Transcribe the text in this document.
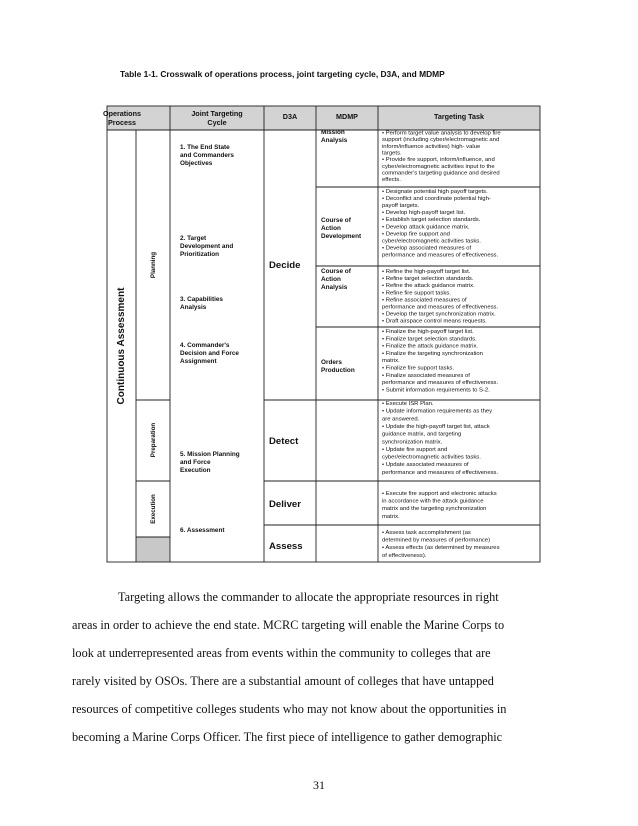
Table 1-1. Crosswalk of operations process, joint targeting cycle, D3A, and MDMP
Operations
Process
Joint Targeting
Cycle
D3A	MDMP	Targeting Task
Continuous Assessment
Planning
Preparation
Execution
1. The End State
and Commanders
Objectives
2. Target
Development and
Prioritization
3. Capabilities
Analysis
4. Commander's
Decision and Force
Assignment
5. Mission Planning
and Force
Execution
6. Assessment
Decide
Detect
Deliver
Assess
Mission
Analysis
Course of
Action
Development
Course of
Action
Analysis
Orders
Production
• Perform target value analysis to develop fire support (including cyber/electromagnetic and inform/influence activities) high- value targets. • Provide fire support, inform/influence, and cyber/electromagnetic activities input to the commander's targeting guidance and desired effects.
• Designate potential high payoff targets. • Deconflict and coordinate potential high-payoff targets. • Develop high-payoff target list. • Establish target selection standards. • Develop attack guidance matrix. • Develop fire support and cyber/electromagnetic activities tasks. • Develop associated measures of performance and measures of effectiveness.
• Refine the high-payoff target list. • Refine target selection standards. • Refine the attack guidance matrix. • Refine fire support tasks. • Refine associated measures of performance and measures of effectiveness. • Develop the target synchronization matrix. • Draft airspace control means requests.
• Finalize the high-payoff target list. • Finalize target selection standards. • Finalize the attack guidance matrix. • Finalize the targeting synchronization matrix. • Finalize fire support tasks. • Finalize associated measures of performance and measures of effectiveness. • Submit information requirements to S-2.
• Execute ISR Plan. • Update information requirements as they are answered. • Update the high-payoff target list, attack guidance matrix, and targeting synchronization matrix. • Update fire support and cyber/electromagnetic activities tasks. • Update associated measures of performance and measures of effectiveness.
• Execute fire support and electronic attacks in accordance with the attack guidance matrix and the targeting synchronization matrix.
• Assess task accomplishment (as determined by measures of performance) • Assess effects (as determined by measures of effectiveness).
Targeting allows the commander to allocate the appropriate resources in right
areas in order to achieve the end state. MCRC targeting will enable the Marine Corps to
look at underrepresented areas from events within the community to colleges that are
rarely visited by OSOs. There are a substantial amount of colleges that have untapped
resources of competitive colleges students who may not know about the opportunities in
becoming a Marine Corps Officer. The first piece of intelligence to gather demographic
31
